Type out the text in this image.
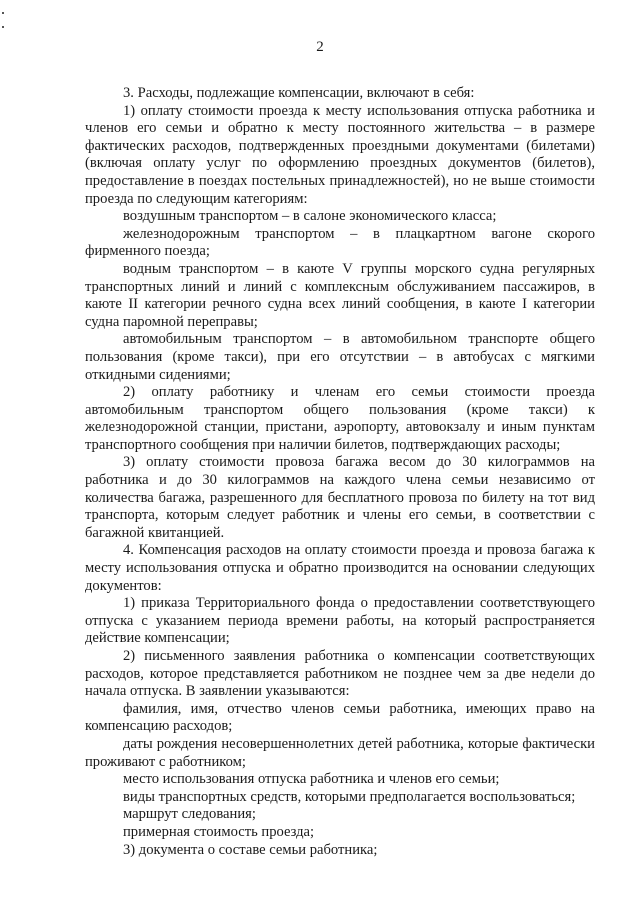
2

3. Расходы, подлежащие компенсации, включают в себя:

1) оплату стоимости проезда к месту использования отпуска работника и членов его семьи и обратно к месту постоянного жительства – в размере фактических расходов, подтвержденных проездными документами (билетами) (включая оплату услуг по оформлению проездных документов (билетов), предоставление в поездах постельных принадлежностей), но не выше стоимости проезда по следующим категориям:

воздушным транспортом – в салоне экономического класса;

железнодорожным транспортом – в плацкартном вагоне скорого фирменного поезда;

водным транспортом – в каюте V группы морского судна регулярных транспортных линий и линий с комплексным обслуживанием пассажиров, в каюте II категории речного судна всех линий сообщения, в каюте I категории судна паромной переправы;

автомобильным транспортом – в автомобильном транспорте общего пользования (кроме такси), при его отсутствии – в автобусах с мягкими откидными сидениями;

2) оплату работнику и членам его семьи стоимости проезда автомобильным транспортом общего пользования (кроме такси) к железнодорожной станции, пристани, аэропорту, автовокзалу и иным пунктам транспортного сообщения при наличии билетов, подтверждающих расходы;

3) оплату стоимости провоза багажа весом до 30 килограммов на работника и до 30 килограммов на каждого члена семьи независимо от количества багажа, разрешенного для бесплатного провоза по билету на тот вид транспорта, которым следует работник и члены его семьи, в соответствии с багажной квитанцией.

4. Компенсация расходов на оплату стоимости проезда и провоза багажа к месту использования отпуска и обратно производится на основании следующих документов:

1) приказа Территориального фонда о предоставлении соответствующего отпуска с указанием периода времени работы, на который распространяется действие компенсации;

2) письменного заявления работника о компенсации соответствующих расходов, которое представляется работником не позднее чем за две недели до начала отпуска. В заявлении указываются:

фамилия, имя, отчество членов семьи работника, имеющих право на компенсацию расходов;

даты рождения несовершеннолетних детей работника, которые фактически проживают с работником;

место использования отпуска работника и членов его семьи;

виды транспортных средств, которыми предполагается воспользоваться;

маршрут следования;

примерная стоимость проезда;

3) документа о составе семьи работника;
